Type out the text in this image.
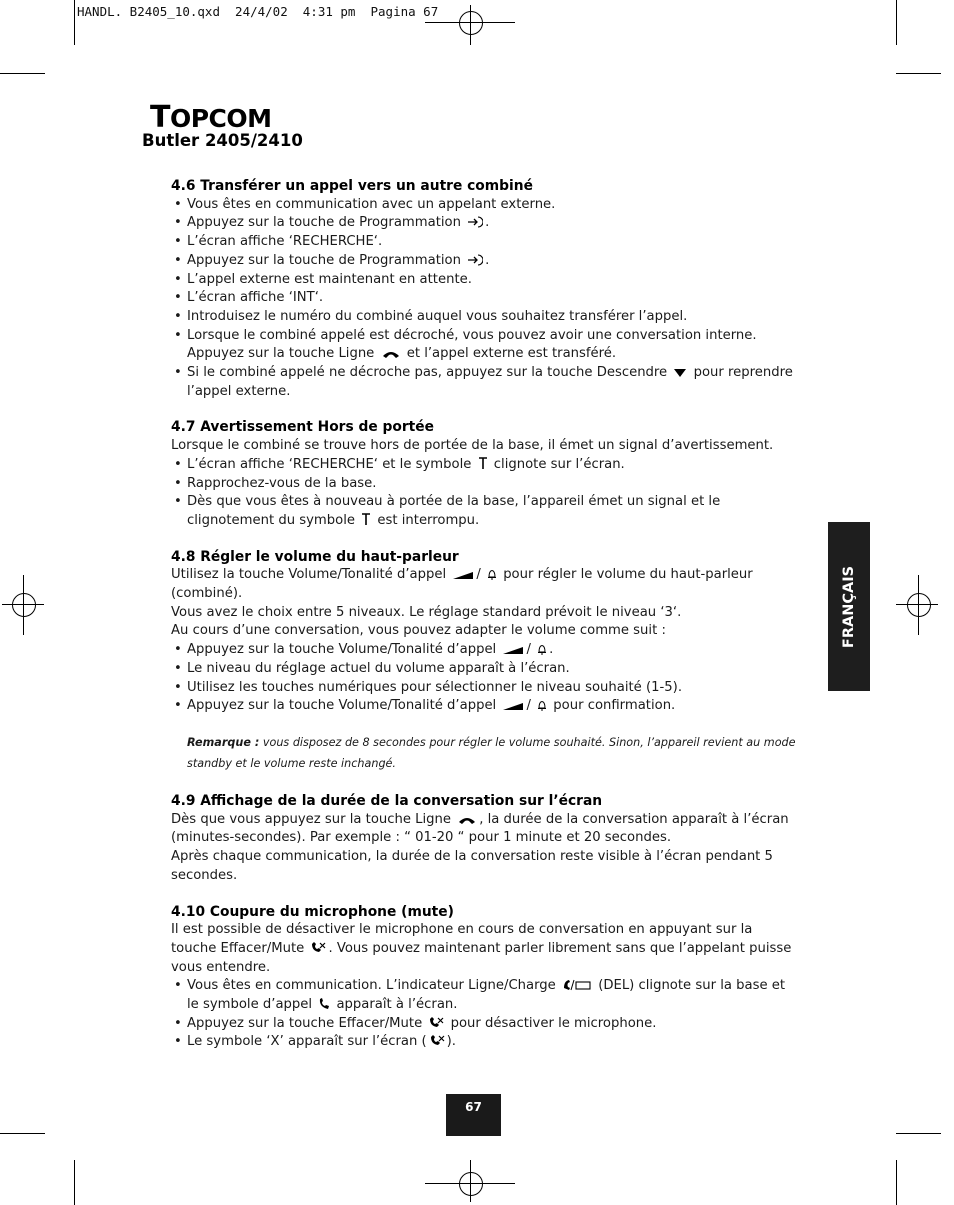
HANDL. B2405_10.qxd  24/4/02  4:31 pm  Pagina 67
TOPCOM
Butler 2405/2410
4.6 Transférer un appel vers un autre combiné
• Vous êtes en communication avec un appelant externe.
• Appuyez sur la touche de Programmation .
• L’écran affiche ‘RECHERCHE‘.
• Appuyez sur la touche de Programmation .
• L’appel externe est maintenant en attente.
• L’écran affiche ‘INT‘.
• Introduisez le numéro du combiné auquel vous souhaitez transférer l’appel.
• Lorsque le combiné appelé est décroché, vous pouvez avoir une conversation interne.
Appuyez sur la touche Ligne et l’appel externe est transféré.
• Si le combiné appelé ne décroche pas, appuyez sur la touche Descendre pour reprendre l’appel externe.
4.7 Avertissement Hors de portée

Lorsque le combiné se trouve hors de portée de la base, il émet un signal d’avertissement.

• L’écran affiche ‘RECHERCHE‘ et le symbole clignote sur l’écran.
• Rapprochez-vous de la base.
• Dès que vous êtes à nouveau à portée de la base, l’appareil émet un signal et le clignotement du symbole est interrompu.
4.8 Régler le volume du haut-parleur

Utilisez la touche Volume/Tonalité d’appel /  pour régler le volume du haut-parleur (combiné).

Vous avez le choix entre 5 niveaux. Le réglage standard prévoit le niveau ‘3‘.

Au cours d’une conversation, vous pouvez adapter le volume comme suit :

• Appuyez sur la touche Volume/Tonalité d’appel / .
• Le niveau du réglage actuel du volume apparaît à l’écran.
• Utilisez les touches numériques pour sélectionner le niveau souhaité (1-5).
• Appuyez sur la touche Volume/Tonalité d’appel /  pour confirmation.
Remarque : vous disposez de 8 secondes pour régler le volume souhaité. Sinon, l’appareil revient au mode standby et le volume reste inchangé.
4.9 Affichage de la durée de la conversation sur l’écran

Dès que vous appuyez sur la touche Ligne , la durée de la conversation apparaît à l’écran (minutes-secondes). Par exemple : “ 01-20 “ pour 1 minute et 20 secondes.

Après chaque communication, la durée de la conversation reste visible à l’écran pendant 5 secondes.

4.10 Coupure du microphone (mute)

Il est possible de désactiver le microphone en cours de conversation en appuyant sur la touche Effacer/Mute . Vous pouvez maintenant parler librement sans que l’appelant puisse vous entendre.

• Vous êtes en communication. L’indicateur Ligne/Charge	(DEL) clignote sur la base et le symbole d’appel apparaît à l’écran.
• Appuyez sur la touche Effacer/Mute pour désactiver le microphone.
• Le symbole ‘X’ apparaît sur l’écran ( ).
FRANÇAIS
67
